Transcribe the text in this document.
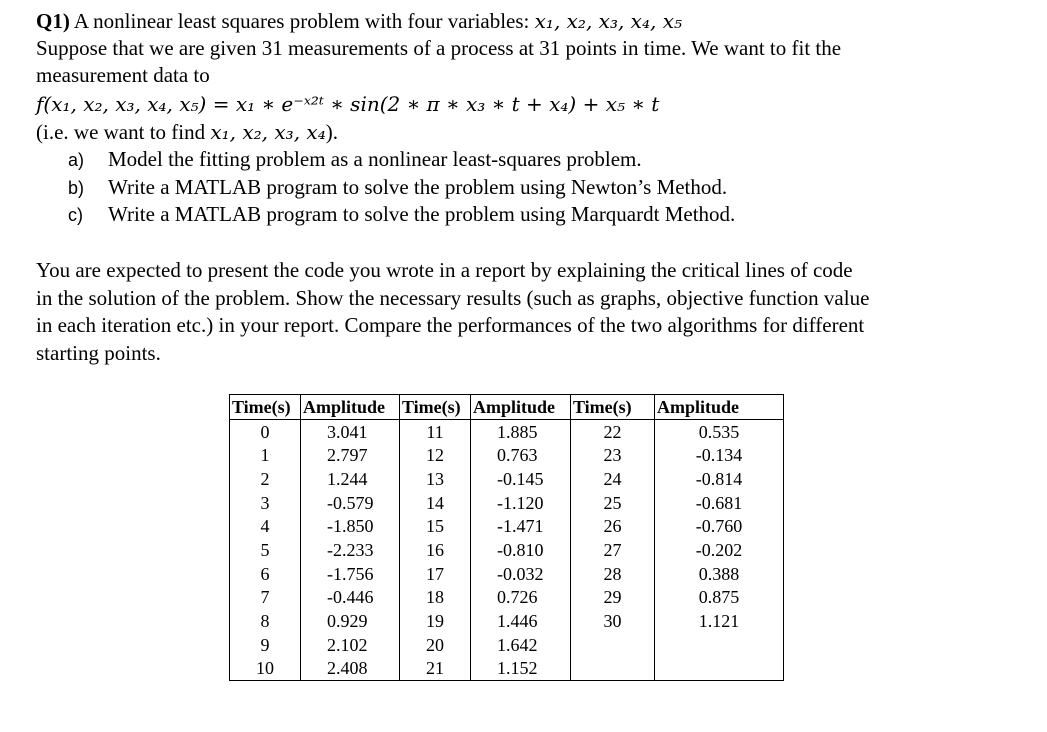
Q1) A nonlinear least squares problem with four variables: x₁, x₂, x₃, x₄, x₅
Suppose that we are given 31 measurements of a process at 31 points in time. We want to fit the
measurement data to
f(x₁, x₂, x₃, x₄, x₅) = x₁ ∗ e⁻ˣ²ᵗ ∗ sin(2 ∗ π ∗ x₃ ∗ t + x₄) + x₅ ∗ t
(i.e. we want to find x₁, x₂, x₃, x₄).
a) Model the fitting problem as a nonlinear least-squares problem.
b) Write a MATLAB program to solve the problem using Newton’s Method.
c) Write a MATLAB program to solve the problem using Marquardt Method.
You are expected to present the code you wrote in a report by explaining the critical lines of code
in the solution of the problem. Show the necessary results (such as graphs, objective function value
in each iteration etc.) in your report. Compare the performances of the two algorithms for different
starting points.
Time(s)	Amplitude	Time(s)	Amplitude	Time(s)	Amplitude
0	3.041	11	1.885	22	0.535
1	2.797	12	0.763	23	-0.134
2	1.244	13	-0.145	24	-0.814
3	-0.579	14	-1.120	25	-0.681
4	-1.850	15	-1.471	26	-0.760
5	-2.233	16	-0.810	27	-0.202
6	-1.756	17	-0.032	28	0.388
7	-0.446	18	0.726	29	0.875
8	0.929	19	1.446	30	1.121
9	2.102	20	1.642		
10	2.408	21	1.152		
